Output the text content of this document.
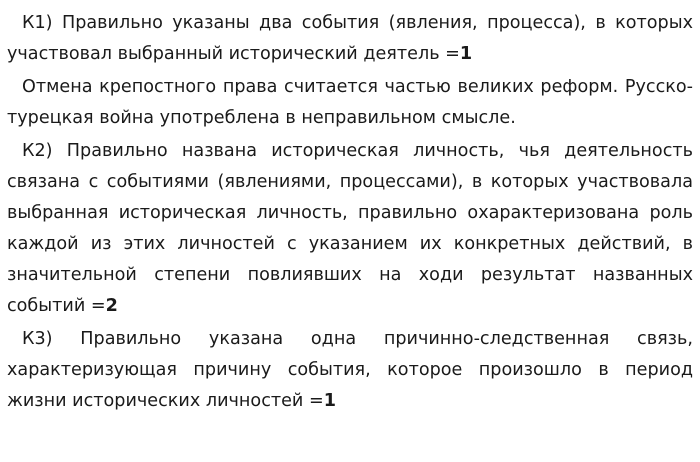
К1) Правильно указаны два события (явления, процесса), в которых участвовал выбранный исторический деятель =1

Отмена крепостного права считается частью великих реформ. Русско-турецкая война употреблена в неправильном смысле.

К2) Правильно названа историческая личность, чья деятельность связана с событиями (явлениями, процессами), в которых участвовала выбранная историческая личность, правильно охарактеризована роль каждой из этих личностей с указанием их конкретных действий, в значительной степени повлиявших на ходи результат названных событий =2

К3) Правильно указана одна причинно-следственная связь, характеризующая причину события, которое произошло в период жизни исторических личностей =1
